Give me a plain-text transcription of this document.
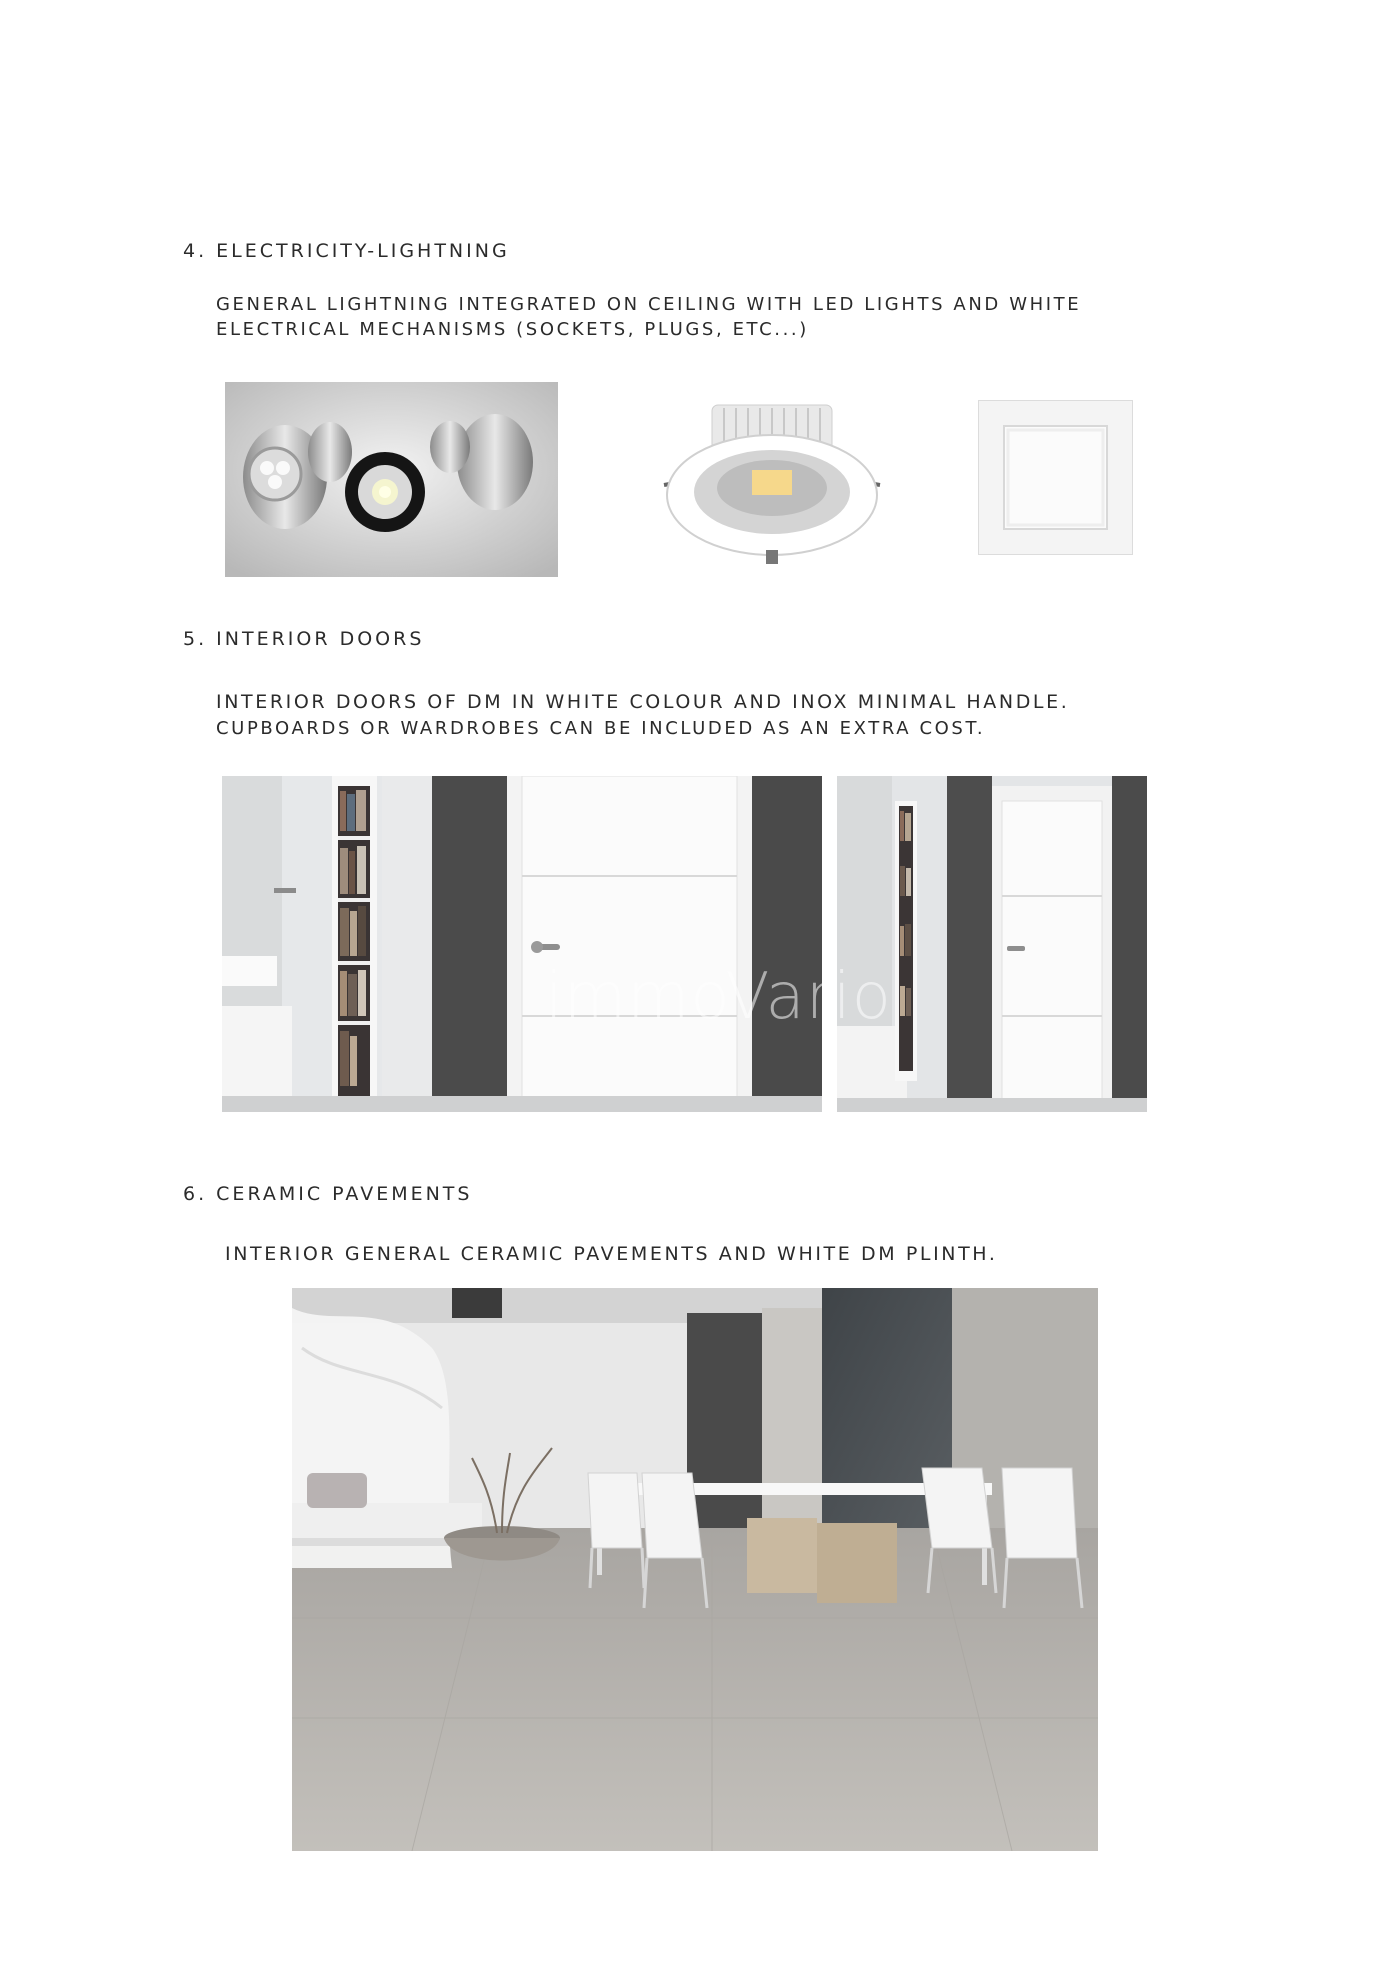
4. ELECTRICITY-LIGHTNING

GENERAL LIGHTNING INTEGRATED ON CEILING WITH LED LIGHTS AND WHITE

ELECTRICAL MECHANISMS (SOCKETS, PLUGS, ETC...)

5. INTERIOR DOORS

INTERIOR DOORS OF DM IN WHITE COLOUR AND INOX MINIMAL HANDLE.

CUPBOARDS OR WARDROBES CAN BE INCLUDED AS AN EXTRA COST.

immoVario
6. CERAMIC PAVEMENTS

INTERIOR GENERAL CERAMIC PAVEMENTS AND WHITE DM PLINTH.
